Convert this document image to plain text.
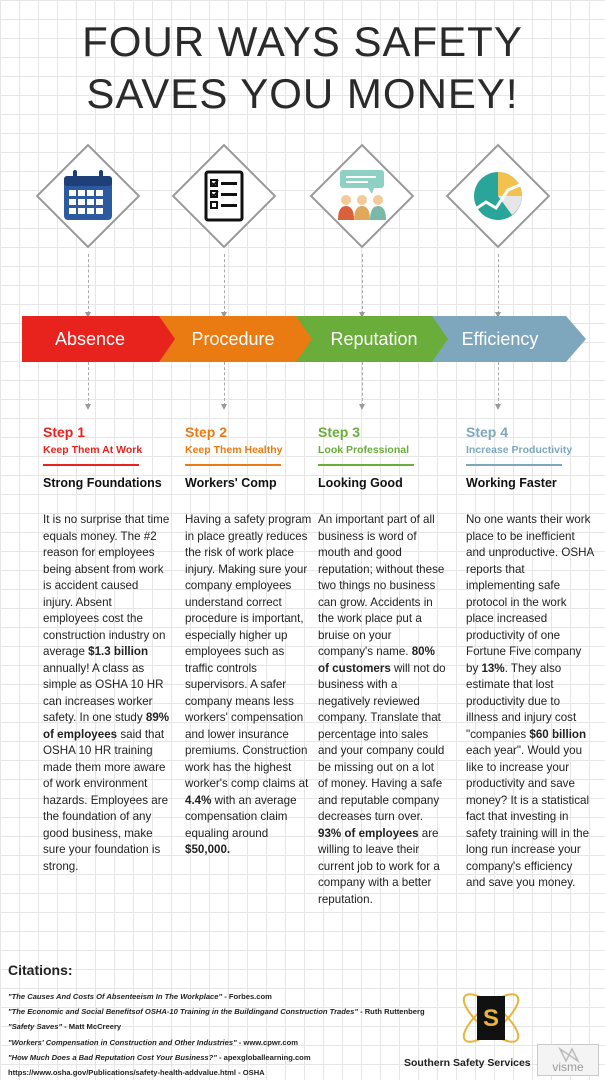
FOUR WAYS SAFETY
SAVES YOU MONEY!
Absence	Procedure	Reputation	Efficiency
Step 1
Keep Them At Work
Strong Foundations
It is no surprise that time equals money. The #2 reason for employees being absent from work is accident caused injury. Absent employees cost the construction industry on average $1.3 billion annually! A class as simple as OSHA 10 HR can increases worker safety. In one study 89% of employees said that OSHA 10 HR training made them more aware of work environment hazards. Employees are the foundation of any good business, make sure your foundation is strong.
Step 2
Keep Them Healthy
Workers' Comp
Having a safety program in place greatly reduces the risk of work place injury. Making sure your company employees understand correct procedure is important, especially higher up employees such as traffic controls supervisors. A safer company means less workers' compensation and lower insurance premiums. Construction work has the highest worker's comp claims at 4.4% with an average compensation claim equaling around $50,000.
Step 3
Look Professional
Looking Good
An important part of all business is word of mouth and good reputation; without these two things no business can grow. Accidents in the work place put a bruise on your company's name. 80% of customers will not do business with a negatively reviewed company. Translate that percentage into sales and your company could be missing out on a lot of money. Having a safe and reputable company decreases turn over. 93% of employees are willing to leave their current job to work for a company with a better reputation.
Step 4
Increase Productivity
Working Faster
No one wants their work place to be inefficient and unproductive. OSHA reports that implementing safe protocol in the work place increased productivity of one Fortune Five company by 13%. They also estimate that lost productivity due to illness and injury cost "companies $60 billion each year". Would you like to increase your productivity and save money? It is a statistical fact that investing in safety training will in the long run increase your company's efficiency and save you money.
Citations:
"The Causes And Costs Of Absenteeism In The Workplace" - Forbes.com
"The Economic and Social Benefitsof OSHA-10 Training in the Buildingand Construction Trades" - Ruth Ruttenberg
"Safety Saves" - Matt McCreery
"Workers' Compensation in Construction and Other Industries" - www.cpwr.com
"How Much Does a Bad Reputation Cost Your Business?" - apexgloballearning.com
https://www.osha.gov/Publications/safety-health-addvalue.html - OSHA
S
Southern Safety Services	visme
